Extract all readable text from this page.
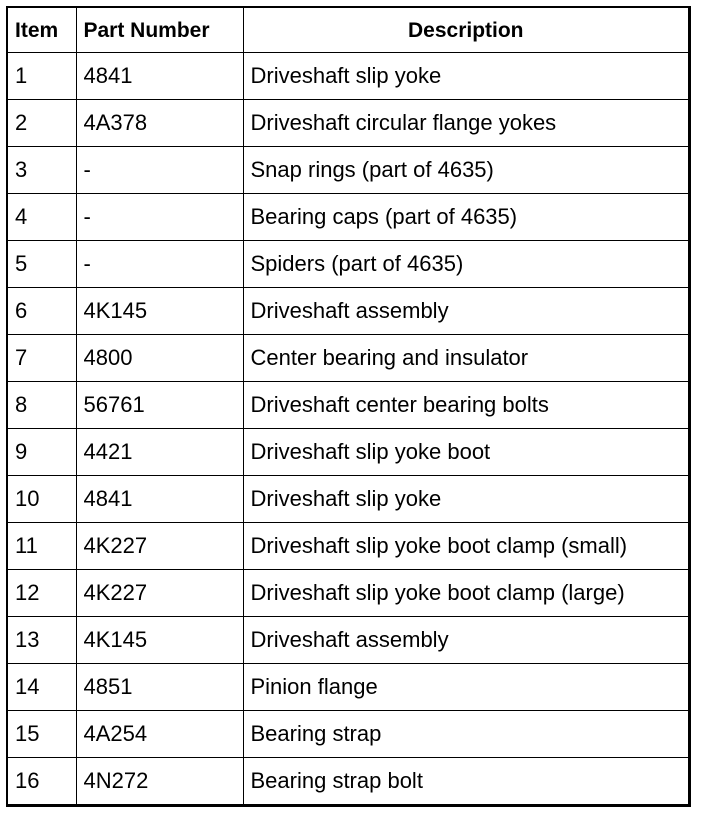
Item	Part Number	Description
1	4841	Driveshaft slip yoke
2	4A378	Driveshaft circular flange yokes
3	-	Snap rings (part of 4635)
4	-	Bearing caps (part of 4635)
5	-	Spiders (part of 4635)
6	4K145	Driveshaft assembly
7	4800	Center bearing and insulator
8	56761	Driveshaft center bearing bolts
9	4421	Driveshaft slip yoke boot
10	4841	Driveshaft slip yoke
11	4K227	Driveshaft slip yoke boot clamp (small)
12	4K227	Driveshaft slip yoke boot clamp (large)
13	4K145	Driveshaft assembly
14	4851	Pinion flange
15	4A254	Bearing strap
16	4N272	Bearing strap bolt
